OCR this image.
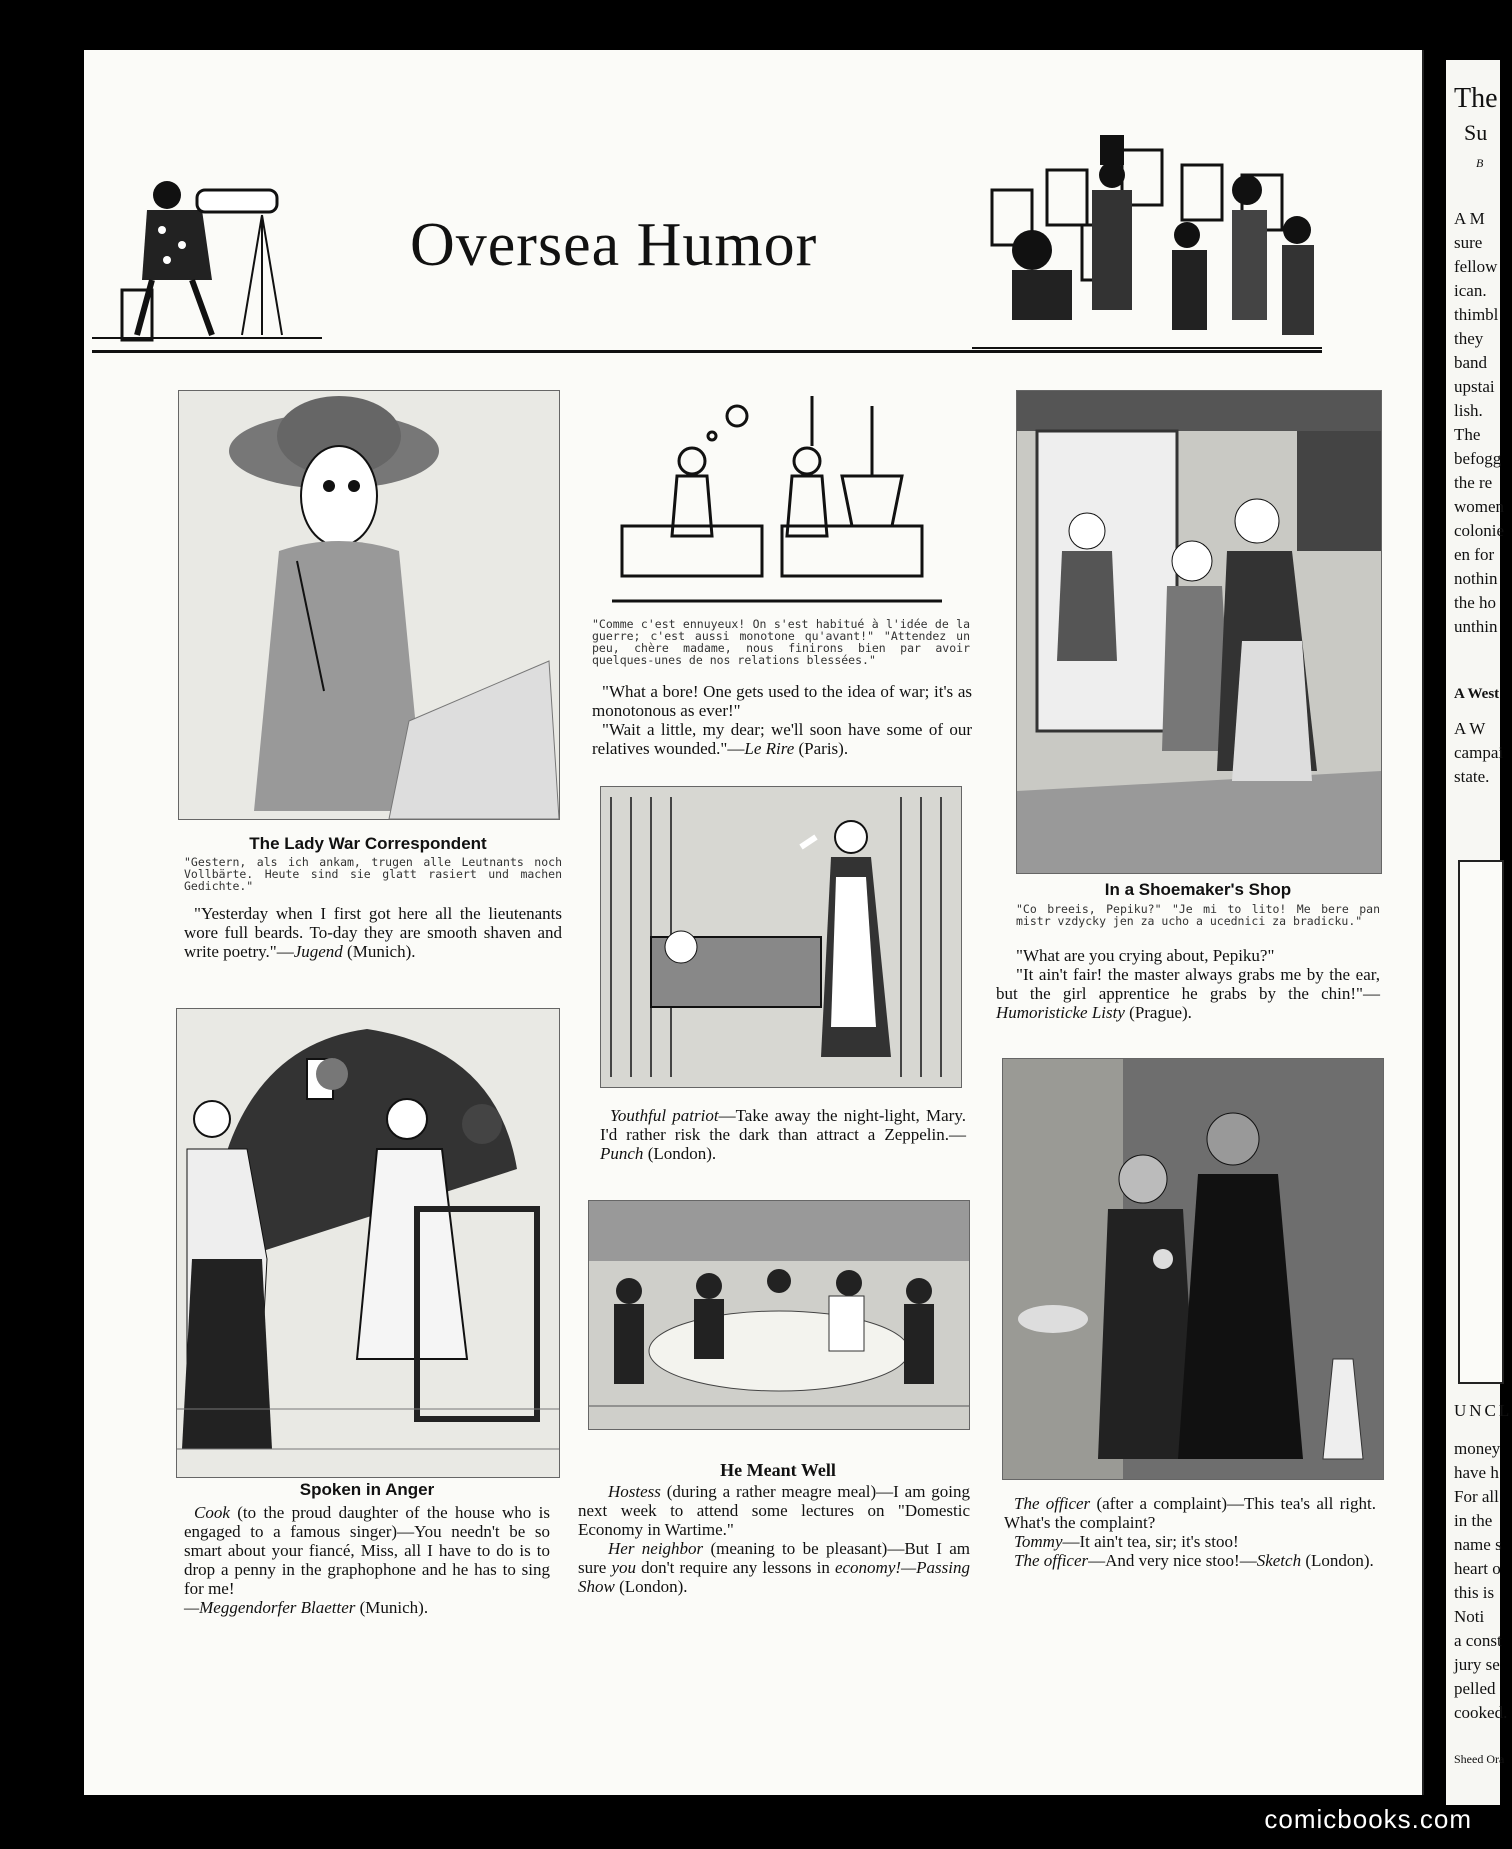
The
Su
B
A M
sure
fellow
ican.
thimbl
they
band
upstai
lish.
The
befogg
the re
women
colonie
en for
nothin
the ho
unthin
A West
A W
campai
state.
UNCL
money
have h
For all
in the
name s
heart o
this is
Noti
a const
jury se
pelled
cooked.
Sheed Ora
Oversea Humor
The Lady War Correspondent
"Gestern, als ich ankam, trugen alle Leutnants noch Vollbärte. Heute sind sie glatt rasiert und machen Gedichte."

"Yesterday when I first got here all the lieutenants wore full beards. To-day they are smooth shaven and write poetry."—Jugend (Munich).

Spoken in Anger

Cook (to the proud daughter of the house who is engaged to a famous singer)—You needn't be so smart about your fiancé, Miss, all I have to do is to drop a penny in the graphophone and he has to sing for me!
—Meggendorfer Blaetter (Munich).

"Comme c'est ennuyeux! On s'est habitué à l'idée de la guerre; c'est aussi monotone qu'avant!" "Attendez un peu, chère madame, nous finirons bien par avoir quelques-unes de nos relations blessées."

"What a bore! One gets used to the idea of war; it's as monotonous as ever!"

"Wait a little, my dear; we'll soon have some of our relatives wounded."—Le Rire (Paris).

Youthful patriot—Take away the night-light, Mary. I'd rather risk the dark than attract a Zeppelin.—Punch (London).

He Meant Well

Hostess (during a rather meagre meal)—I am going next week to attend some lectures on "Domestic Economy in Wartime."

Her neighbor (meaning to be pleasant)—But I am sure you don't require any lessons in economy!—Passing Show (London).

In a Shoemaker's Shop
"Co breeis, Pepiku?" "Je mi to lito! Me bere pan mistr vzdycky jen za ucho a ucednici za bradicku."

"What are you crying about, Pepiku?"

"It ain't fair! the master always grabs me by the ear, but the girl apprentice he grabs by the chin!"—Humoristicke Listy (Prague).

The officer (after a complaint)—This tea's all right. What's the complaint?

Tommy—It ain't tea, sir; it's stoo!

The officer—And very nice stoo!—Sketch (London).

comicbooks.com
